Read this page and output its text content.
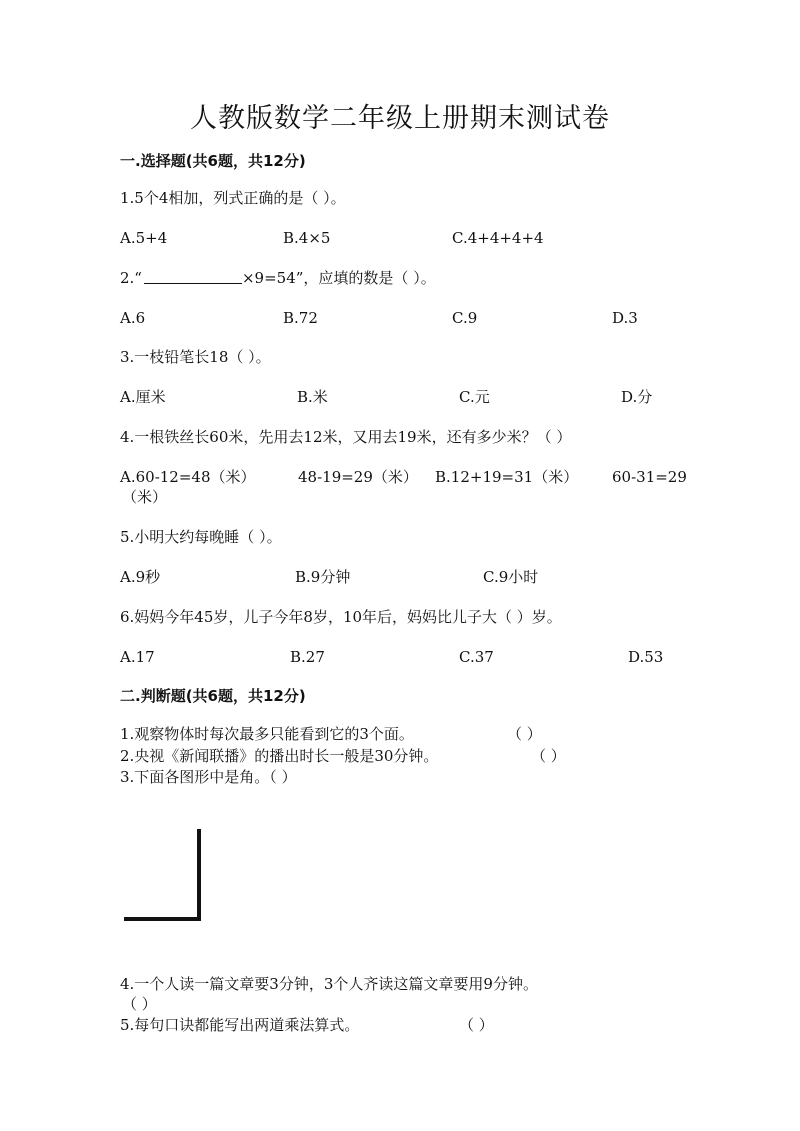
人教版数学二年级上册期末测试卷
一.选择题(共6题，共12分)
1.5个4相加，列式正确的是（ ）。
A.5+4	B.4×5	C.4+4+4+4
2.“	×9=54”，应填的数是（ ）。
A.6	B.72	C.9	D.3
3.一枝铅笔长18（ ）。
A.厘米	B.米	C.元	D.分
4.一根铁丝长60米，先用去12米，又用去19米，还有多少米？（ ）
A.60-12=48（米）	48-19=29（米） B.12+19=31（米） 60-31=29
（米）
5.小明大约每晚睡（ ）。
A.9秒	B.9分钟	C.9小时
6.妈妈今年45岁，儿子今年8岁，10年后，妈妈比儿子大（ ）岁。
A.17	B.27	C.37	D.53
二.判断题(共6题，共12分)
1.观察物体时每次最多只能看到它的3个面。	（ ）
2.央视《新闻联播》的播出时长一般是30分钟。	（ ）
3.下面各图形中是角。（ ）
4.一个人读一篇文章要3分钟，3个人齐读这篇文章要用9分钟。
（ ）
5.每句口诀都能写出两道乘法算式。	（ ）
